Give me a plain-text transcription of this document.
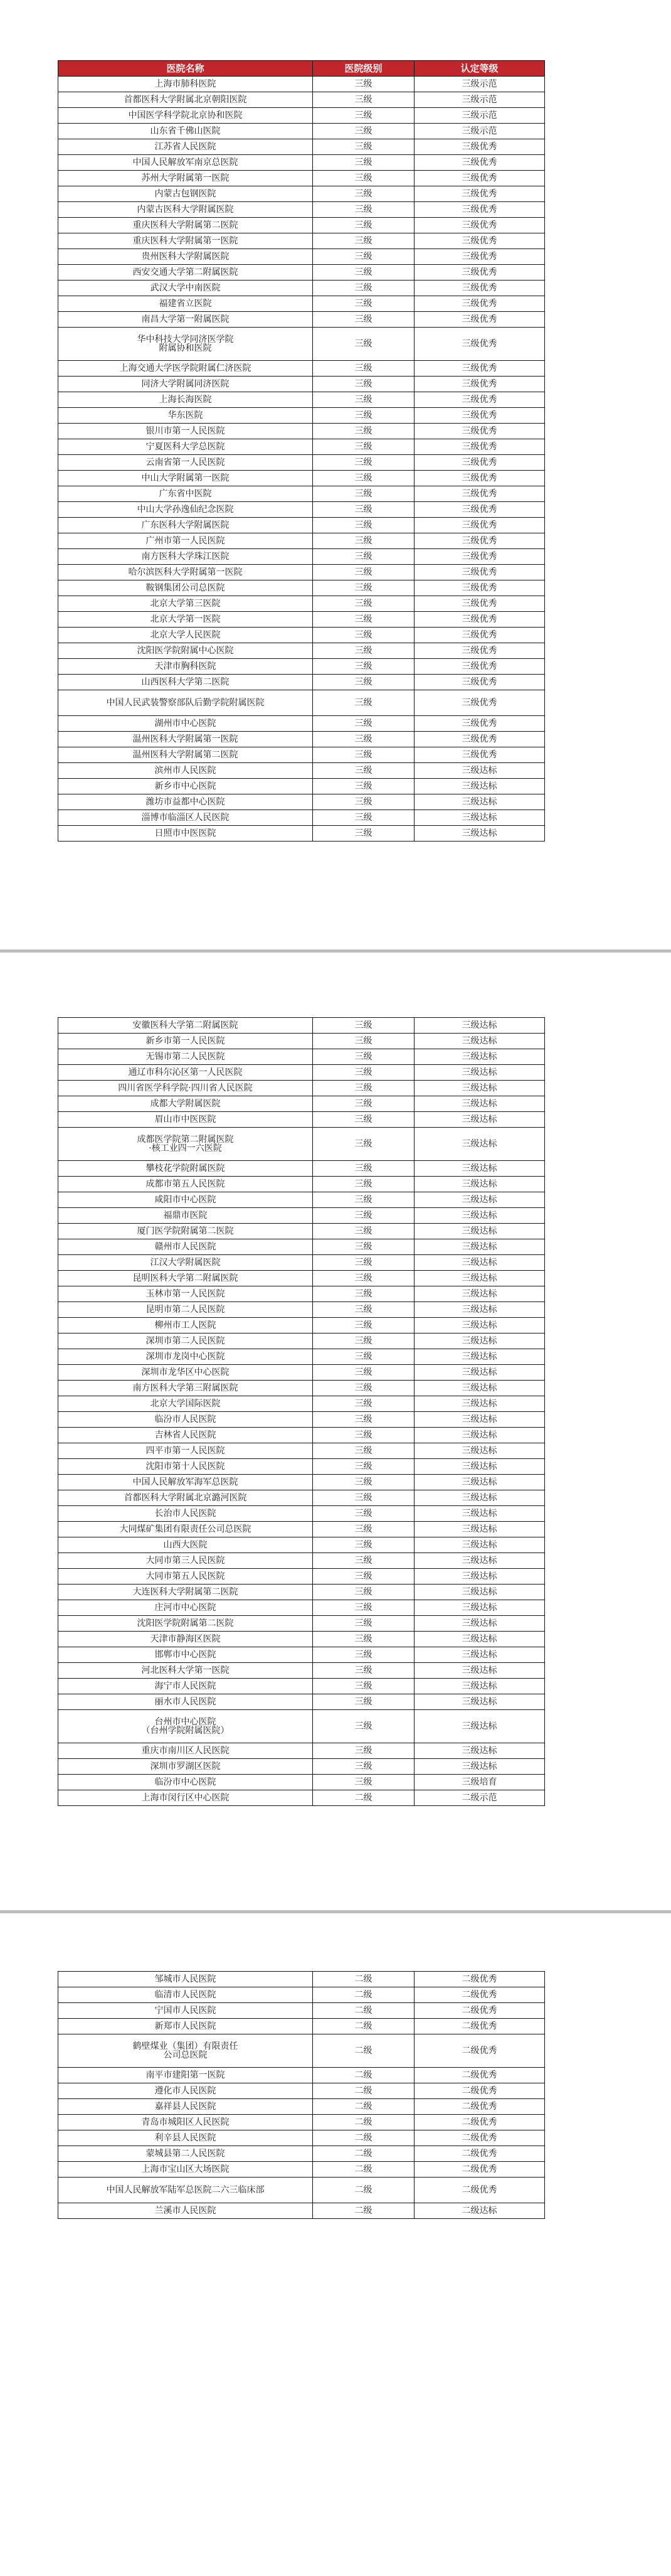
医院名称	医院级别	认定等级
上海市肺科医院	三级	三级示范
首都医科大学附属北京朝阳医院	三级	三级示范
中国医学科学院北京协和医院	三级	三级示范
山东省千佛山医院	三级	三级示范
江苏省人民医院	三级	三级优秀
中国人民解放军南京总医院	三级	三级优秀
苏州大学附属第一医院	三级	三级优秀
内蒙古包钢医院	三级	三级优秀
内蒙古医科大学附属医院	三级	三级优秀
重庆医科大学附属第二医院	三级	三级优秀
重庆医科大学附属第一医院	三级	三级优秀
贵州医科大学附属医院	三级	三级优秀
西安交通大学第二附属医院	三级	三级优秀
武汉大学中南医院	三级	三级优秀
福建省立医院	三级	三级优秀
南昌大学第一附属医院	三级	三级优秀
华中科技大学同济医学院
附属协和医院	三级	三级优秀
上海交通大学医学院附属仁济医院	三级	三级优秀
同济大学附属同济医院	三级	三级优秀
上海长海医院	三级	三级优秀
华东医院	三级	三级优秀
银川市第一人民医院	三级	三级优秀
宁夏医科大学总医院	三级	三级优秀
云南省第一人民医院	三级	三级优秀
中山大学附属第一医院	三级	三级优秀
广东省中医院	三级	三级优秀
中山大学孙逸仙纪念医院	三级	三级优秀
广东医科大学附属医院	三级	三级优秀
广州市第一人民医院	三级	三级优秀
南方医科大学珠江医院	三级	三级优秀
哈尔滨医科大学附属第一医院	三级	三级优秀
鞍钢集团公司总医院	三级	三级优秀
北京大学第三医院	三级	三级优秀
北京大学第一医院	三级	三级优秀
北京大学人民医院	三级	三级优秀
沈阳医学院附属中心医院	三级	三级优秀
天津市胸科医院	三级	三级优秀
山西医科大学第二医院	三级	三级优秀
中国人民武装警察部队后勤学院附属医院	三级	三级优秀
湖州市中心医院	三级	三级优秀
温州医科大学附属第一医院	三级	三级优秀
温州医科大学附属第二医院	三级	三级优秀
滨州市人民医院	三级	三级达标
新乡市中心医院	三级	三级达标
潍坊市益都中心医院	三级	三级达标
淄博市临淄区人民医院	三级	三级达标
日照市中医医院	三级	三级达标
安徽医科大学第二附属医院	三级	三级达标
新乡市第一人民医院	三级	三级达标
无锡市第二人民医院	三级	三级达标
通辽市科尔沁区第一人民医院	三级	三级达标
四川省医学科学院·四川省人民医院	三级	三级达标
成都大学附属医院	三级	三级达标
眉山市中医医院	三级	三级达标
成都医学院第二附属医院
·核工业四一六医院	三级	三级达标
攀枝花学院附属医院	三级	三级达标
成都市第五人民医院	三级	三级达标
咸阳市中心医院	三级	三级达标
福鼎市医院	三级	三级达标
厦门医学院附属第二医院	三级	三级达标
赣州市人民医院	三级	三级达标
江汉大学附属医院	三级	三级达标
昆明医科大学第二附属医院	三级	三级达标
玉林市第一人民医院	三级	三级达标
昆明市第二人民医院	三级	三级达标
柳州市工人医院	三级	三级达标
深圳市第二人民医院	三级	三级达标
深圳市龙岗中心医院	三级	三级达标
深圳市龙华区中心医院	三级	三级达标
南方医科大学第三附属医院	三级	三级达标
北京大学国际医院	三级	三级达标
临汾市人民医院	三级	三级达标
吉林省人民医院	三级	三级达标
四平市第一人民医院	三级	三级达标
沈阳市第十人民医院	三级	三级达标
中国人民解放军海军总医院	三级	三级达标
首都医科大学附属北京潞河医院	三级	三级达标
长治市人民医院	三级	三级达标
大同煤矿集团有限责任公司总医院	三级	三级达标
山西大医院	三级	三级达标
大同市第三人民医院	三级	三级达标
大同市第五人民医院	三级	三级达标
大连医科大学附属第二医院	三级	三级达标
庄河市中心医院	三级	三级达标
沈阳医学院附属第二医院	三级	三级达标
天津市静海区医院	三级	三级达标
邯郸市中心医院	三级	三级达标
河北医科大学第一医院	三级	三级达标
海宁市人民医院	三级	三级达标
丽水市人民医院	三级	三级达标
台州市中心医院
（台州学院附属医院）	三级	三级达标
重庆市南川区人民医院	三级	三级达标
深圳市罗湖区医院	三级	三级达标
临汾市中心医院	三级	三级培育
上海市闵行区中心医院	二级	二级示范
邹城市人民医院	二级	二级优秀
临清市人民医院	二级	二级优秀
宁国市人民医院	二级	二级优秀
新郑市人民医院	二级	二级优秀
鹤壁煤业（集团）有限责任
公司总医院	二级	二级优秀
南平市建阳第一医院	二级	二级优秀
遵化市人民医院	二级	二级优秀
嘉祥县人民医院	二级	二级优秀
青岛市城阳区人民医院	二级	二级优秀
利辛县人民医院	二级	二级优秀
蒙城县第二人民医院	二级	二级优秀
上海市宝山区大场医院	二级	二级优秀
中国人民解放军陆军总医院二六三临床部	二级	二级优秀
兰溪市人民医院	二级	二级达标
